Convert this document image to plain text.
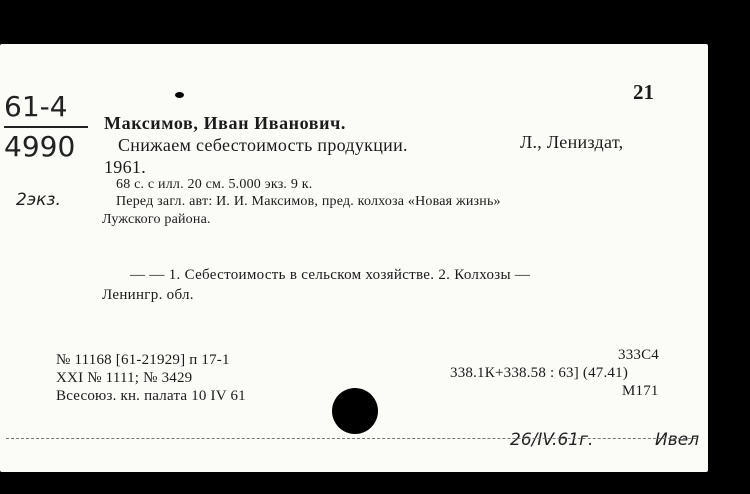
21
61-4
4990
2экз.
Максимов, Иван Иванович.
Снижаем себестоимость продукции.	Л., Лениздат,
1961.
68 с. с илл. 20 см. 5.000 экз. 9 к.
Перед загл. авт: И. И. Максимов, пред. колхоза «Новая жизнь»
Лужского района.
— — 1. Себестоимость в сельском хозяйстве. 2. Колхозы —
Ленингр. обл.
№ 11168 [61-21929] п 17-1
XXI № 1111; № 3429
Всесоюз. кн. палата 10 IV 61
333С4
338.1К+338.58 : 63] (47.41)
М171
26/IV.61г.	Ивел
